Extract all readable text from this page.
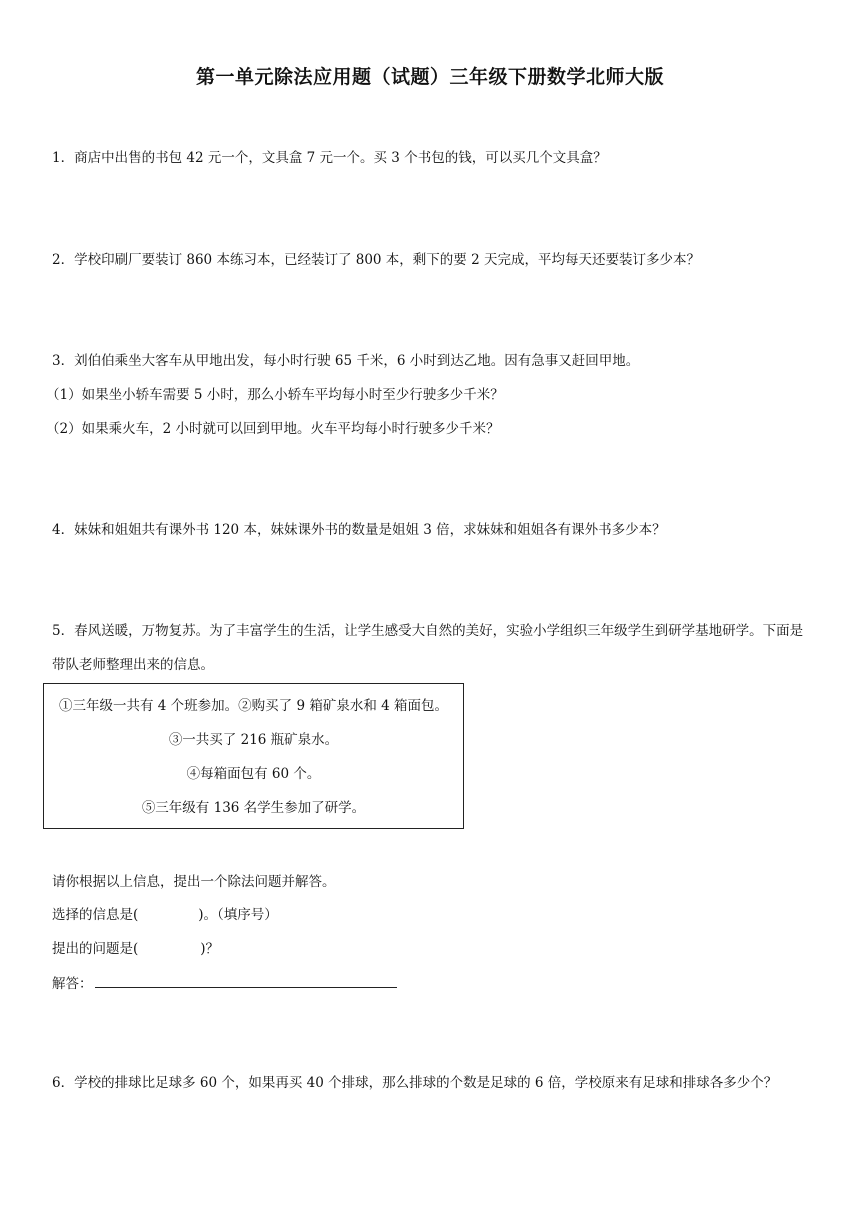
第一单元除法应用题（试题）三年级下册数学北师大版
1．商店中出售的书包 42 元一个，文具盒 7 元一个。买 3 个书包的钱，可以买几个文具盒？
2．学校印刷厂要装订 860 本练习本，已经装订了 800 本，剩下的要 2 天完成，平均每天还要装订多少本？
3．刘伯伯乘坐大客车从甲地出发，每小时行驶 65 千米，6 小时到达乙地。因有急事又赶回甲地。
（1）如果坐小轿车需要 5 小时，那么小轿车平均每小时至少行驶多少千米？
（2）如果乘火车，2 小时就可以回到甲地。火车平均每小时行驶多少千米？
4．妹妹和姐姐共有课外书 120 本，妹妹课外书的数量是姐姐 3 倍，求妹妹和姐姐各有课外书多少本？
5．春风送暖，万物复苏。为了丰富学生的生活，让学生感受大自然的美好，实验小学组织三年级学生到研学基地研学。下面是带队老师整理出来的信息。
①三年级一共有 4 个班参加。②购买了 9 箱矿泉水和 4 箱面包。
③一共买了 216 瓶矿泉水。
④每箱面包有 60 个。
⑤三年级有 136 名学生参加了研学。
请你根据以上信息，提出一个除法问题并解答。
选择的信息是(	)。（填序号）
提出的问题是(	)？
解答：
6．学校的排球比足球多 60 个，如果再买 40 个排球，那么排球的个数是足球的 6 倍，学校原来有足球和排球各多少个？
